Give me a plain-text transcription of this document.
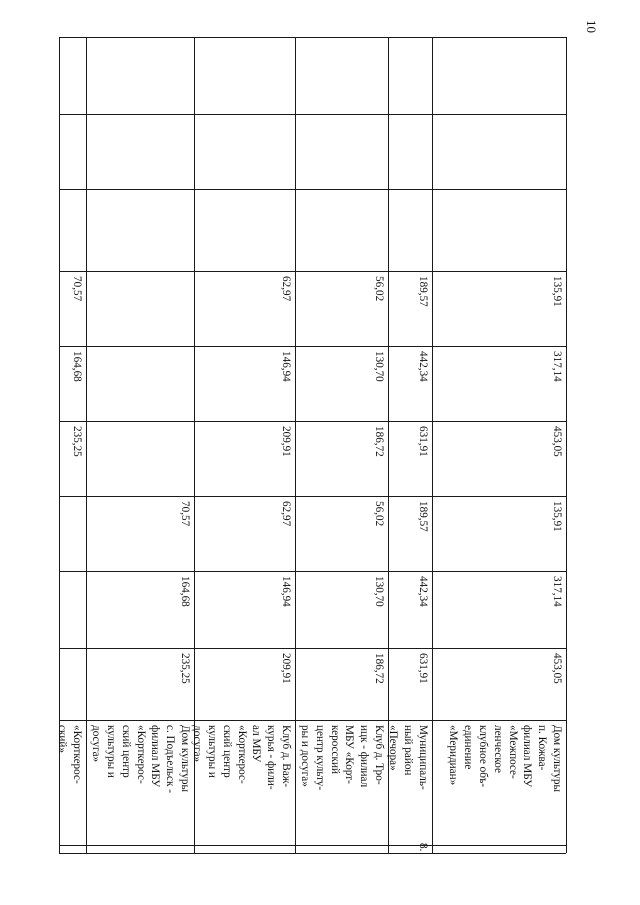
10
«Корткерос-
ский»
235,25
164,68
70,57
Дом культуры
с. Подъельск -
филиал МБУ
«Корткерос-
ский центр
культуры и
досуга»
235,25
164,68
70,57
Клуб д. Важ-
курья - фили-
ал МБУ
«Корткерос-
ский центр
культуры и
досуга»
209,91
146,94
62,97
209,91
146,94
62,97
Клуб д. Тро-
ицк - филиал
МБУ «Корт-
керосский
центр культу-
ры и досуга»
186,72
130,70
56,02
186,72
130,70
56,02
Муниципаль-
ный район
«Печора»
8.
631,91
442,34
189,57
631,91
442,34
189,57
Дом культуры
п. Кожва-
филиал МБУ
«Межпосе-
ленческое
клубное объ-
единение
«Меридиан»
453,05
317,14
135,91
453,05
317,14
135,91
